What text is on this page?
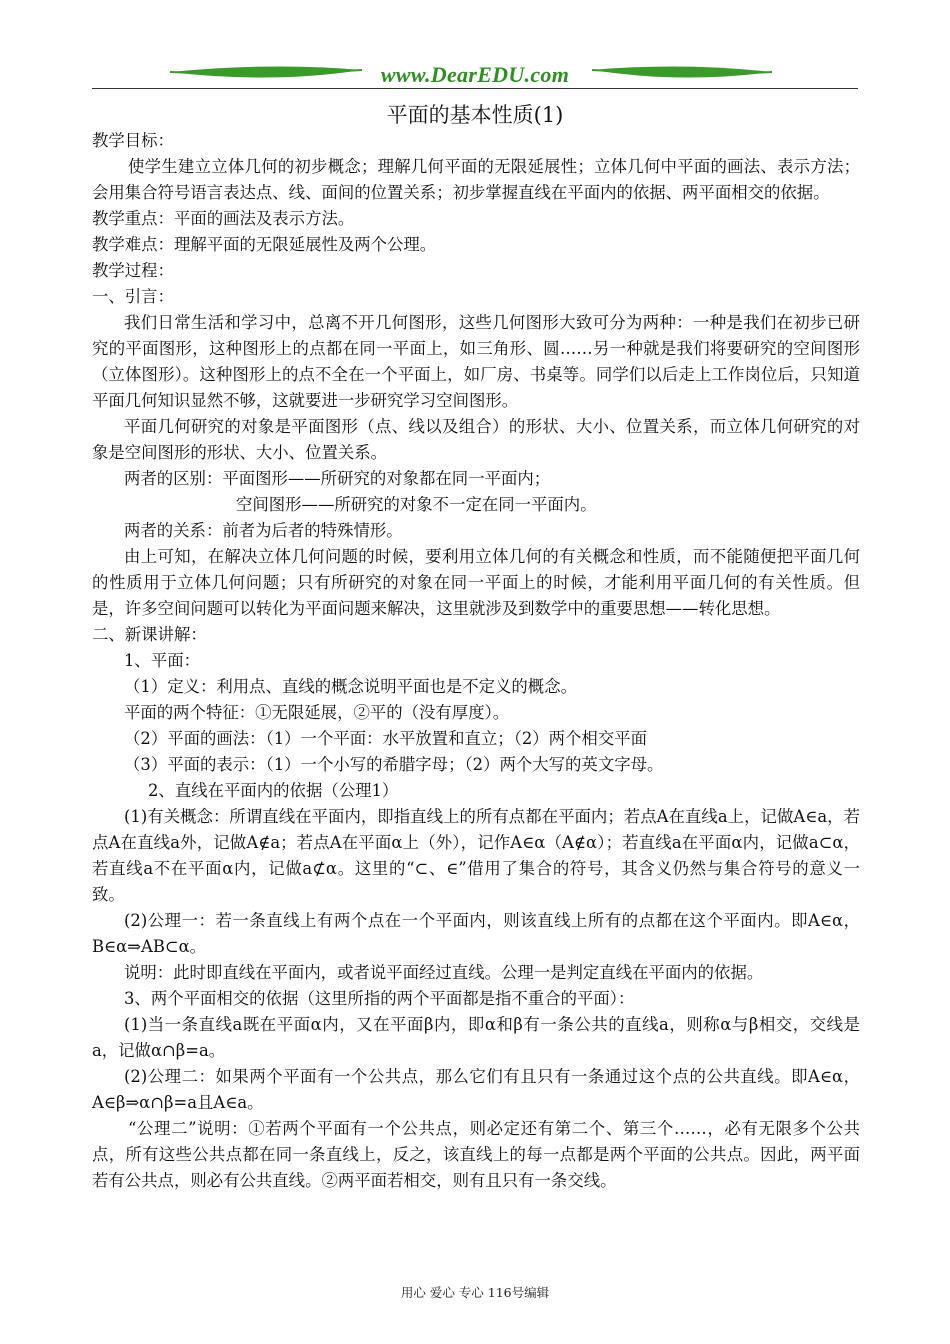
www.DearEDU.com
平面的基本性质(1)

教学目标：

使学生建立立体几何的初步概念；理解几何平面的无限延展性；立体几何中平面的画法、表示方法；会用集合符号语言表达点、线、面间的位置关系；初步掌握直线在平面内的依据、两平面相交的依据。

教学重点：平面的画法及表示方法。

教学难点：理解平面的无限延展性及两个公理。

教学过程：

一、引言：

我们日常生活和学习中，总离不开几何图形，这些几何图形大致可分为两种：一种是我们在初步已研究的平面图形，这种图形上的点都在同一平面上，如三角形、圆……另一种就是我们将要研究的空间图形（立体图形）。这种图形上的点不全在一个平面上，如厂房、书桌等。同学们以后走上工作岗位后，只知道平面几何知识显然不够，这就要进一步研究学习空间图形。

平面几何研究的对象是平面图形（点、线以及组合）的形状、大小、位置关系，而立体几何研究的对象是空间图形的形状、大小、位置关系。

两者的区别：平面图形——所研究的对象都在同一平面内；

空间图形——所研究的对象不一定在同一平面内。

两者的关系：前者为后者的特殊情形。

由上可知，在解决立体几何问题的时候，要利用立体几何的有关概念和性质，而不能随便把平面几何的性质用于立体几何问题；只有所研究的对象在同一平面上的时候，才能利用平面几何的有关性质。但是，许多空间问题可以转化为平面问题来解决，这里就涉及到数学中的重要思想——转化思想。

二、新课讲解：

1、平面：

（1）定义：利用点、直线的概念说明平面也是不定义的概念。

平面的两个特征：①无限延展，②平的（没有厚度）。

（2）平面的画法：（1）一个平面：水平放置和直立；（2）两个相交平面

（3）平面的表示：（1）一个小写的希腊字母；（2）两个大写的英文字母。

2、直线在平面内的依据（公理1）

(1)有关概念：所谓直线在平面内，即指直线上的所有点都在平面内；若点A在直线a上，记做A∈a，若点A在直线a外，记做A∉a；若点A在平面α上（外），记作A∈α（A∉α）；若直线a在平面α内，记做a⊂α，若直线a不在平面α内，记做a⊄α。这里的“⊂、∈”借用了集合的符号，其含义仍然与集合符号的意义一致。

(2)公理一：若一条直线上有两个点在一个平面内，则该直线上所有的点都在这个平面内。即A∈α，B∈α⇒AB⊂α。

说明：此时即直线在平面内，或者说平面经过直线。公理一是判定直线在平面内的依据。

3、两个平面相交的依据（这里所指的两个平面都是指不重合的平面）：

(1)当一条直线a既在平面α内，又在平面β内，即α和β有一条公共的直线a，则称α与β相交，交线是a，记做α∩β=a。

(2)公理二：如果两个平面有一个公共点，那么它们有且只有一条通过这个点的公共直线。即A∈α，A∈β⇒α∩β=a且A∈a。

“公理二”说明：①若两个平面有一个公共点，则必定还有第二个、第三个……，必有无限多个公共点，所有这些公共点都在同一条直线上，反之，该直线上的每一点都是两个平面的公共点。因此，两平面若有公共点，则必有公共直线。②两平面若相交，则有且只有一条交线。

用心 爱心 专心 116号编辑
